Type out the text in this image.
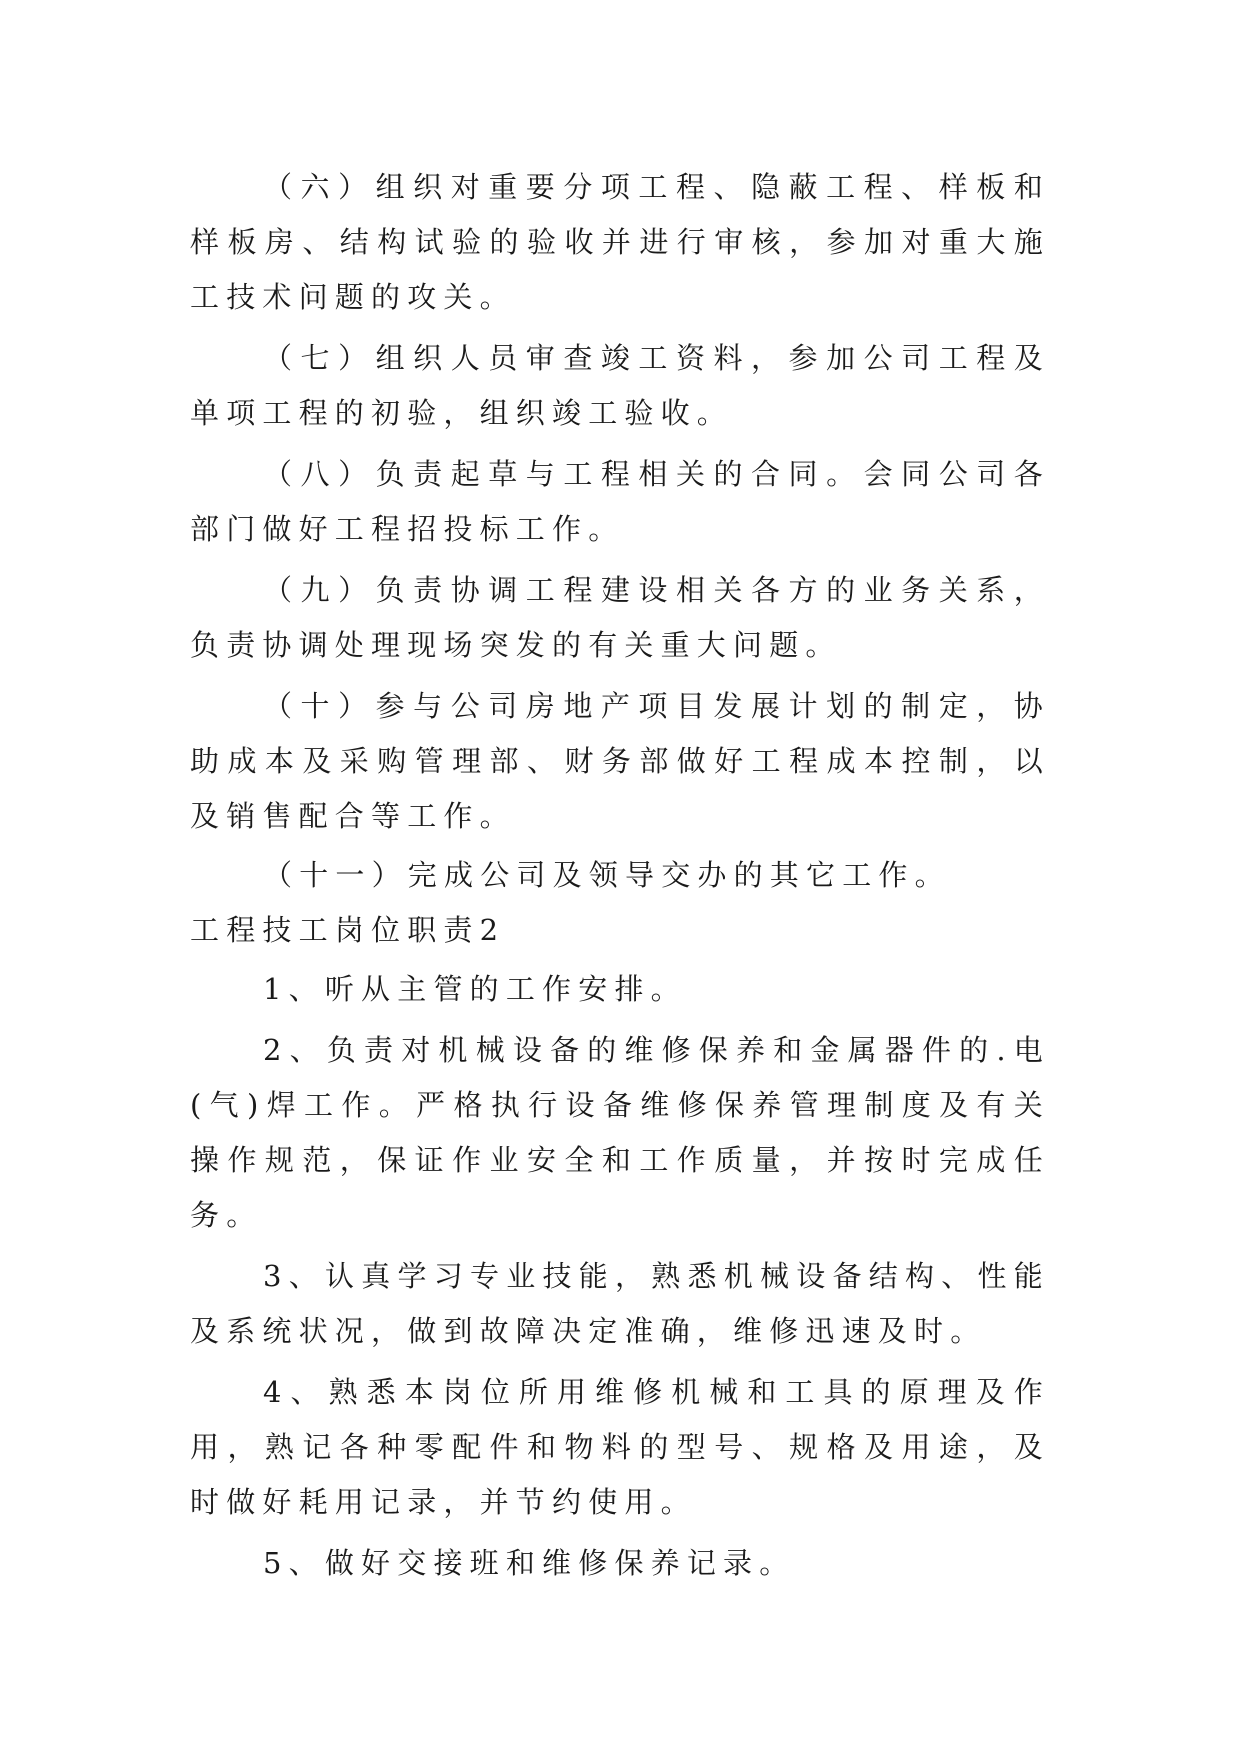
（六）组织对重要分项工程、隐蔽工程、样板和样板房、结构试验的验收并进行审核，参加对重大施工技术问题的攻关。

（七）组织人员审查竣工资料，参加公司工程及单项工程的初验，组织竣工验收。

（八）负责起草与工程相关的合同。会同公司各部门做好工程招投标工作。

（九）负责协调工程建设相关各方的业务关系，负责协调处理现场突发的有关重大问题。

（十）参与公司房地产项目发展计划的制定，协助成本及采购管理部、财务部做好工程成本控制，以及销售配合等工作。

（十一）完成公司及领导交办的其它工作。

工程技工岗位职责2

1、听从主管的工作安排。

2、负责对机械设备的维修保养和金属器件的.电(气)焊工作。严格执行设备维修保养管理制度及有关操作规范，保证作业安全和工作质量，并按时完成任务。

3、认真学习专业技能，熟悉机械设备结构、性能及系统状况，做到故障决定准确，维修迅速及时。

4、熟悉本岗位所用维修机械和工具的原理及作用，熟记各种零配件和物料的型号、规格及用途，及时做好耗用记录，并节约使用。

5、做好交接班和维修保养记录。
